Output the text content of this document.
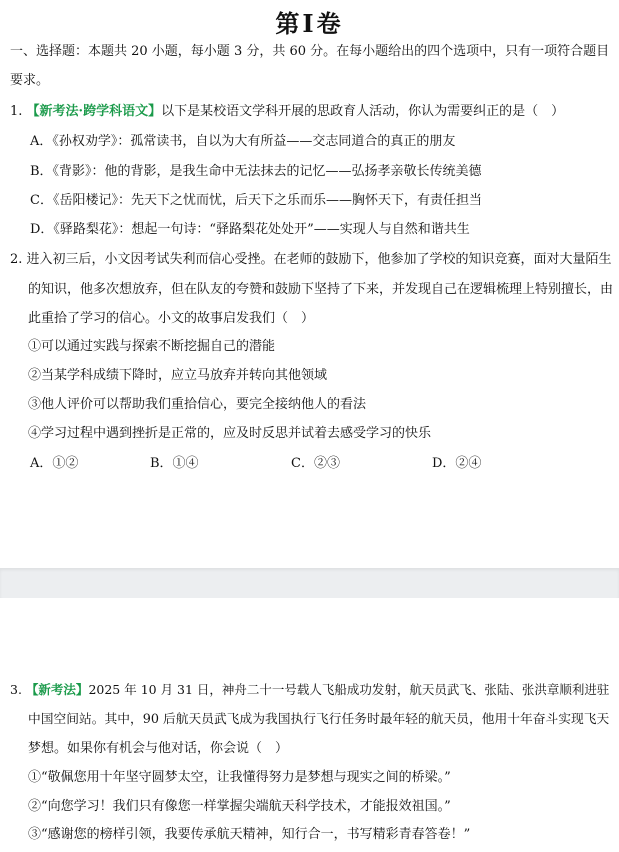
第Ⅰ卷
一、选择题：本题共 20 小题，每小题 3 分，共 60 分。在每小题给出的四个选项中，只有一项符合题目
要求。
1. 【新考法·跨学科语文】以下是某校语文学科开展的思政育人活动，你认为需要纠正的是（　）
A．《孙权劝学》：孤常读书，自以为大有所益——交志同道合的真正的朋友
B．《背影》：他的背影，是我生命中无法抹去的记忆——弘扬孝亲敬长传统美德
C．《岳阳楼记》：先天下之忧而忧，后天下之乐而乐——胸怀天下，有责任担当
D．《驿路梨花》：想起一句诗：“驿路梨花处处开”——实现人与自然和谐共生
2. 进入初三后，小文因考试失利而信心受挫。在老师的鼓励下，他参加了学校的知识竞赛，面对大量陌生
的知识，他多次想放弃，但在队友的夸赞和鼓励下坚持了下来，并发现自己在逻辑梳理上特别擅长，由
此重拾了学习的信心。小文的故事启发我们（　）
①可以通过实践与探索不断挖掘自己的潜能
②当某学科成绩下降时，应立马放弃并转向其他领域
③他人评价可以帮助我们重拾信心，要完全接纳他人的看法
④学习过程中遇到挫折是正常的，应及时反思并试着去感受学习的快乐
A．①②	B．①④	C．②③	D．②④
3. 【新考法】2025 年 10 月 31 日，神舟二十一号载人飞船成功发射，航天员武飞、张陆、张洪章顺利进驻
中国空间站。其中，90 后航天员武飞成为我国执行飞行任务时最年轻的航天员，他用十年奋斗实现飞天
梦想。如果你有机会与他对话，你会说（　）
①“敬佩您用十年坚守圆梦太空，让我懂得努力是梦想与现实之间的桥梁。”
②“向您学习！我们只有像您一样掌握尖端航天科学技术，才能报效祖国。”
③“感谢您的榜样引领，我要传承航天精神，知行合一，书写精彩青春答卷！”
